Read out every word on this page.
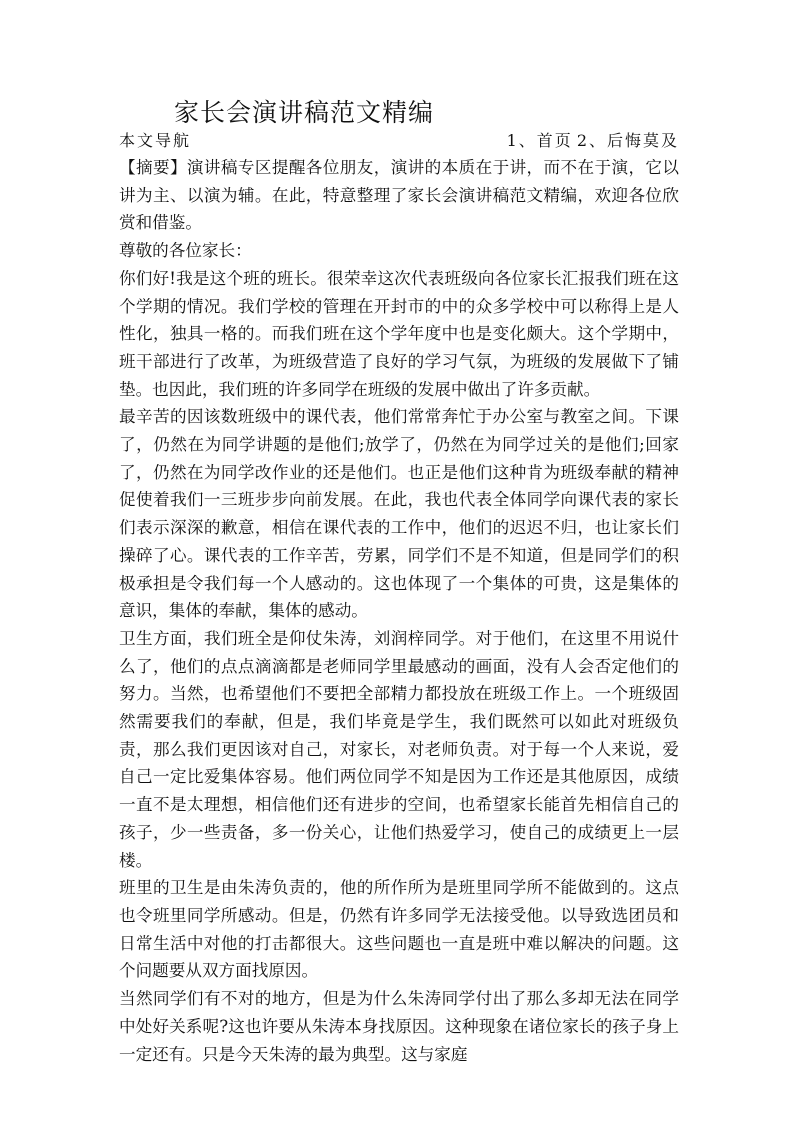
家长会演讲稿范文精编
本文导航	1、首页 2、后悔莫及

【摘要】演讲稿专区提醒各位朋友，演讲的本质在于讲，而不在于演，它以讲为主、以演为辅。在此，特意整理了家长会演讲稿范文精编，欢迎各位欣赏和借鉴。

尊敬的各位家长：

你们好!我是这个班的班长。很荣幸这次代表班级向各位家长汇报我们班在这个学期的情况。我们学校的管理在开封市的中的众多学校中可以称得上是人性化，独具一格的。而我们班在这个学年度中也是变化颇大。这个学期中，班干部进行了改革，为班级营造了良好的学习气氛，为班级的发展做下了铺垫。也因此，我们班的许多同学在班级的发展中做出了许多贡献。

最辛苦的因该数班级中的课代表，他们常常奔忙于办公室与教室之间。下课了，仍然在为同学讲题的是他们;放学了，仍然在为同学过关的是他们;回家了，仍然在为同学改作业的还是他们。也正是他们这种肯为班级奉献的精神促使着我们一三班步步向前发展。在此，我也代表全体同学向课代表的家长们表示深深的歉意，相信在课代表的工作中，他们的迟迟不归，也让家长们操碎了心。课代表的工作辛苦，劳累，同学们不是不知道，但是同学们的积极承担是令我们每一个人感动的。这也体现了一个集体的可贵，这是集体的意识，集体的奉献，集体的感动。

卫生方面，我们班全是仰仗朱涛，刘润梓同学。对于他们，在这里不用说什么了，他们的点点滴滴都是老师同学里最感动的画面，没有人会否定他们的努力。当然，也希望他们不要把全部精力都投放在班级工作上。一个班级固然需要我们的奉献，但是，我们毕竟是学生，我们既然可以如此对班级负责，那么我们更因该对自己，对家长，对老师负责。对于每一个人来说，爱自己一定比爱集体容易。他们两位同学不知是因为工作还是其他原因，成绩一直不是太理想，相信他们还有进步的空间，也希望家长能首先相信自己的孩子，少一些责备，多一份关心，让他们热爱学习，使自己的成绩更上一层楼。

班里的卫生是由朱涛负责的，他的所作所为是班里同学所不能做到的。这点也令班里同学所感动。但是，仍然有许多同学无法接受他。以导致选团员和日常生活中对他的打击都很大。这些问题也一直是班中难以解决的问题。这个问题要从双方面找原因。

当然同学们有不对的地方，但是为什么朱涛同学付出了那么多却无法在同学中处好关系呢?这也许要从朱涛本身找原因。这种现象在诸位家长的孩子身上一定还有。只是今天朱涛的最为典型。这与家庭
